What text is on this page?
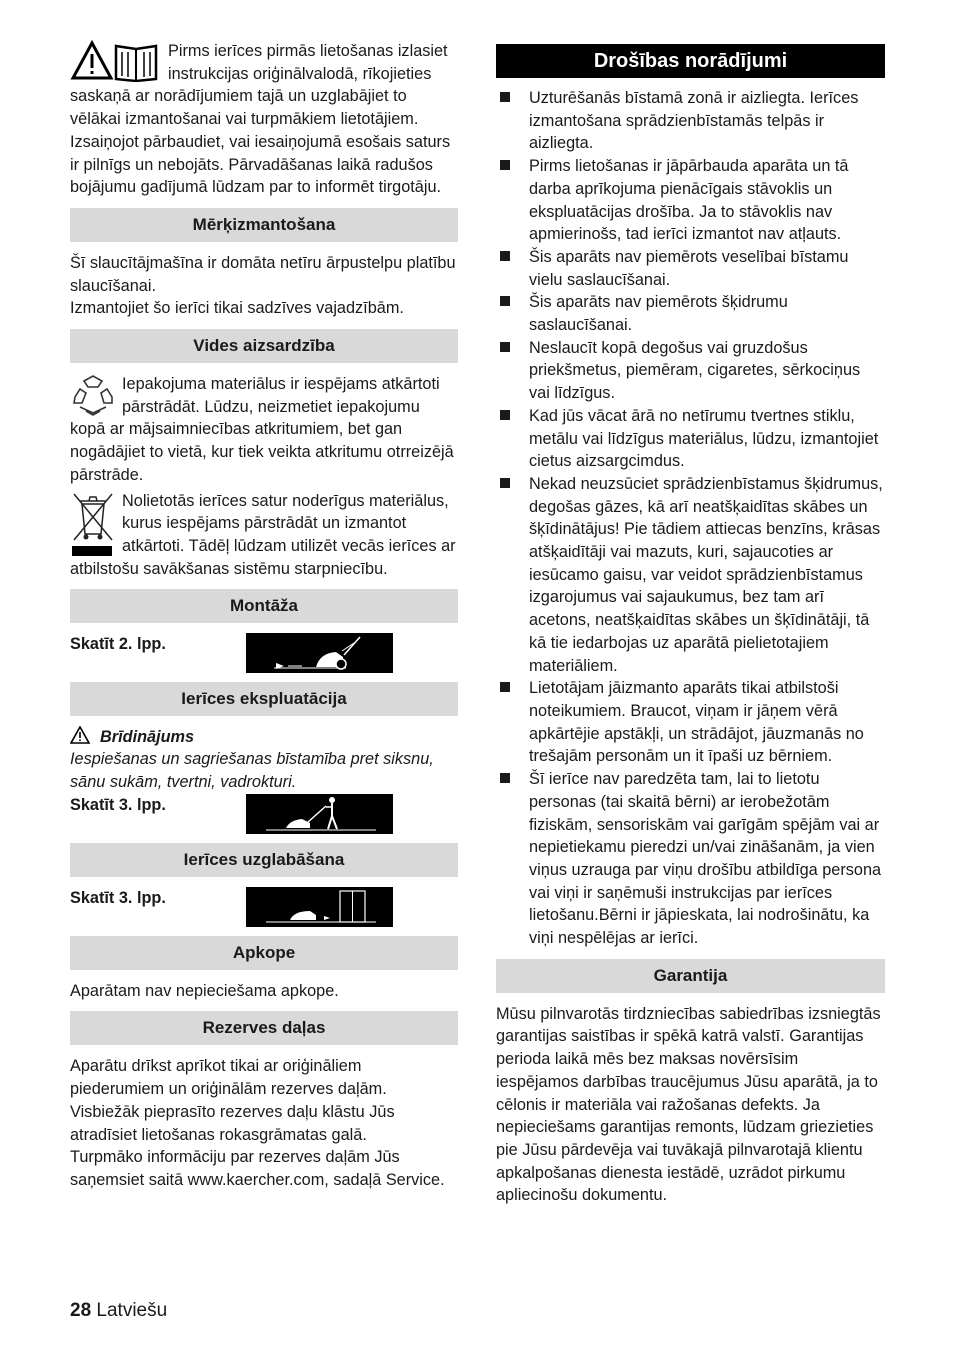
Pirms ierīces pirmās lietošanas izlasiet instrukcijas oriģinālvalodā, rīkojieties saskaņā ar norādījumiem tajā un uzglabājiet to vēlākai izmantošanai vai turpmākiem lietotājiem.

Izsaiņojot pārbaudiet, vai iesaiņojumā esošais saturs ir pilnīgs un nebojāts. Pārvadāšanas laikā radušos bojājumu gadījumā lūdzam par to informēt tirgotāju.

Mērķizmantošana

Šī slaucītājmašīna ir domāta netīru ārpustelpu platību slaucīšanai.

Izmantojiet šo ierīci tikai sadzīves vajadzībām.

Vides aizsardzība

Iepakojuma materiālus ir iespējams atkārtoti pārstrādāt. Lūdzu, neizmetiet iepakojumu kopā ar mājsaimniecības atkritumiem, bet gan nogādājiet to vietā, kur tiek veikta atkritumu otrreizējā pārstrāde.

Nolietotās ierīces satur noderīgus materiālus, kurus iespējams pārstrādāt un izmantot atkārtoti. Tādēļ lūdzam utilizēt vecās ierīces ar atbilstošu savākšanas sistēmu starpniecību.

Montāža
Skatīt 2. lpp.
Ierīces ekspluatācija
Brīdinājums

Iespiešanas un sagriešanas bīstamība pret siksnu, sānu sukām, tvertni, vadrokturi.

Skatīt 3. lpp.
Ierīces uzglabāšana
Skatīt 3. lpp.
Apkope

Aparātam nav nepieciešama apkope.

Rezerves daļas

Aparātu drīkst aprīkot tikai ar oriģināliem piederumiem un oriģinālām rezerves daļām.

Visbiežāk pieprasīto rezerves daļu klāstu Jūs atradīsiet lietošanas rokasgrāmatas galā.

Turpmāko informāciju par rezerves daļām Jūs saņemsiet saitā www.kaercher.com, sadaļā Service.

Drošības norādījumi

Uzturēšanās bīstamā zonā ir aizliegta. Ierīces izmantošana sprādzienbīstamās telpās ir aizliegta.

Pirms lietošanas ir jāpārbauda aparāta un tā darba aprīkojuma pienācīgais stāvoklis un ekspluatācijas drošība. Ja to stāvoklis nav apmierinošs, tad ierīci izmantot nav atļauts.

Šis aparāts nav piemērots veselībai bīstamu vielu saslaucīšanai.

Šis aparāts nav piemērots šķidrumu saslaucīšanai.

Neslaucīt kopā degošus vai gruzdošus priekšmetus, piemēram, cigaretes, sērkociņus vai līdzīgus.

Kad jūs vācat ārā no netīrumu tvertnes stiklu, metālu vai līdzīgus materiālus, lūdzu, izmantojiet cietus aizsargcimdus.

Nekad neuzsūciet sprādzienbīstamus šķidrumus, degošas gāzes, kā arī neatšķaidītas skābes un šķīdinātājus! Pie tādiem attiecas benzīns, krāsas atšķaidītāji vai mazuts, kuri, sajaucoties ar iesūcamo gaisu, var veidot sprādzienbīstamus izgarojumus vai sajaukumus, bez tam arī acetons, neatšķaidītas skābes un šķīdinātāji, tā kā tie iedarbojas uz aparātā pielietotajiem materiāliem.

Lietotājam jāizmanto aparāts tikai atbilstoši noteikumiem. Braucot, viņam ir jāņem vērā apkārtējie apstākļi, un strādājot, jāuzmanās no trešajām personām un it īpaši uz bērniem.

Šī ierīce nav paredzēta tam, lai to lietotu personas (tai skaitā bērni) ar ierobežotām fiziskām, sensoriskām vai garīgām spējām vai ar nepietiekamu pieredzi un/vai zināšanām, ja vien viņus uzrauga par viņu drošību atbildīga persona vai viņi ir saņēmuši instrukcijas par ierīces lietošanu.Bērni ir jāpieskata, lai nodrošinātu, ka viņi nespēlējas ar ierīci.

Garantija

Mūsu pilnvarotās tirdzniecības sabiedrības izsniegtās garantijas saistības ir spēkā katrā valstī. Garantijas perioda laikā mēs bez maksas novērsīsim iespējamos darbības traucējumus Jūsu aparātā, ja to cēlonis ir materiāla vai ražošanas defekts. Ja nepieciešams garantijas remonts, lūdzam griezieties pie Jūsu pārdevēja vai tuvākajā pilnvarotajā klientu apkalpošanas dienesta iestādē, uzrādot pirkumu apliecinošu dokumentu.

28 Latviešu
